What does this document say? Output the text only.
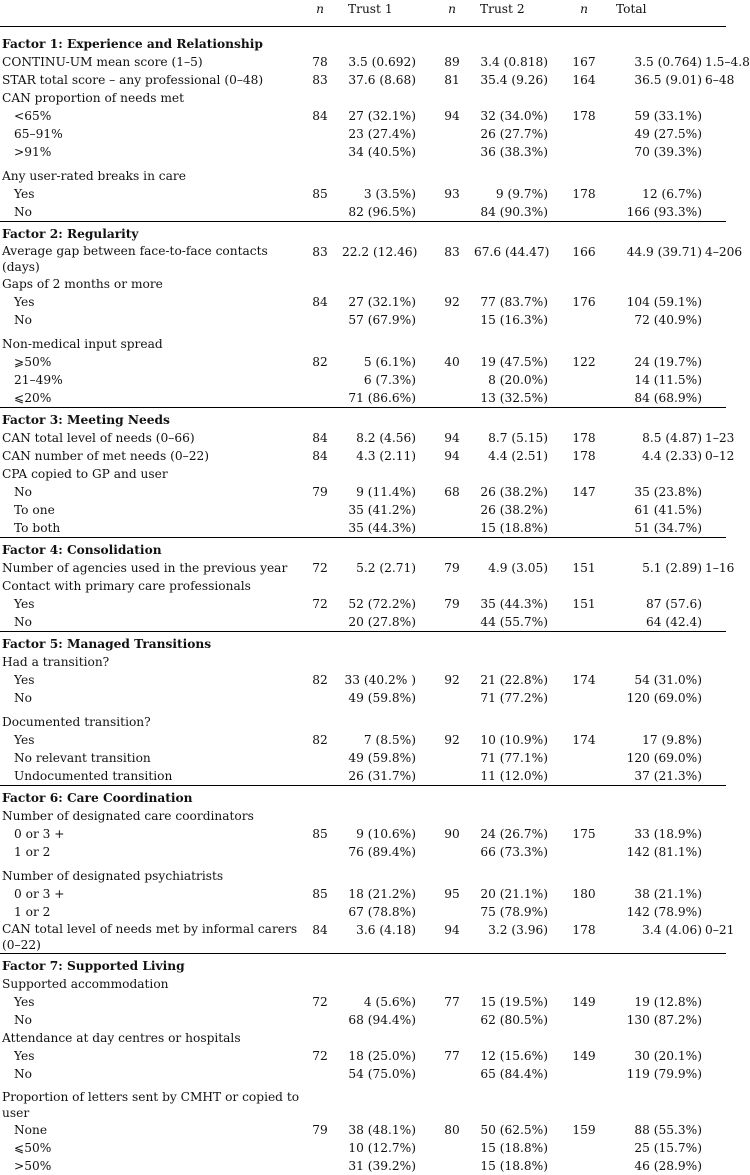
	n	Trust 1	n	Trust 2	n	Total
Factor 1: Experience and Relationship						
CONTINU-UM mean score (1–5)	78	3.5 (0.692)	89	3.4 (0.818)	167	3.5 (0.764) 1.5–4.8
STAR total score – any professional (0–48)	83	37.6 (8.68)	81	35.4 (9.26)	164	36.5 (9.01) 6–48
CAN proportion of needs met						
<65%	84	27 (32.1%)	94	32 (34.0%)	178	59 (33.1%)
65–91%		23 (27.4%)		26 (27.7%)		49 (27.5%)
>91%		34 (40.5%)		36 (38.3%)		70 (39.3%)
Any user-rated breaks in care						
Yes	85	3 (3.5%)	93	9 (9.7%)	178	12 (6.7%)
No		82 (96.5%)		84 (90.3%)		166 (93.3%)
Factor 2: Regularity						
Average gap between face-to-face contacts (days)	83	22.2 (12.46)	83	67.6 (44.47)	166	44.9 (39.71) 4–206
Gaps of 2 months or more						
Yes	84	27 (32.1%)	92	77 (83.7%)	176	104 (59.1%)
No		57 (67.9%)		15 (16.3%)		72 (40.9%)
Non-medical input spread						
⩾50%	82	5 (6.1%)	40	19 (47.5%)	122	24 (19.7%)
21–49%		6 (7.3%)		8 (20.0%)		14 (11.5%)
⩽20%		71 (86.6%)		13 (32.5%)		84 (68.9%)
Factor 3: Meeting Needs						
CAN total level of needs (0–66)	84	8.2 (4.56)	94	8.7 (5.15)	178	8.5 (4.87) 1–23
CAN number of met needs (0–22)	84	4.3 (2.11)	94	4.4 (2.51)	178	4.4 (2.33) 0–12
CPA copied to GP and user						
No	79	9 (11.4%)	68	26 (38.2%)	147	35 (23.8%)
To one		35 (41.2%)		26 (38.2%)		61 (41.5%)
To both		35 (44.3%)		15 (18.8%)		51 (34.7%)
Factor 4: Consolidation						
Number of agencies used in the previous year	72	5.2 (2.71)	79	4.9 (3.05)	151	5.1 (2.89) 1–16
Contact with primary care professionals						
Yes	72	52 (72.2%)	79	35 (44.3%)	151	87 (57.6)
No		20 (27.8%)		44 (55.7%)		64 (42.4)
Factor 5: Managed Transitions						
Had a transition?						
Yes	82	33 (40.2% )	92	21 (22.8%)	174	54 (31.0%)
No		49 (59.8%)		71 (77.2%)		120 (69.0%)
Documented transition?						
Yes	82	7 (8.5%)	92	10 (10.9%)	174	17 (9.8%)
No relevant transition		49 (59.8%)		71 (77.1%)		120 (69.0%)
Undocumented transition		26 (31.7%)		11 (12.0%)		37 (21.3%)
Factor 6: Care Coordination						
Number of designated care coordinators						
0 or 3 +	85	9 (10.6%)	90	24 (26.7%)	175	33 (18.9%)
1 or 2		76 (89.4%)		66 (73.3%)		142 (81.1%)
Number of designated psychiatrists						
0 or 3 +	85	18 (21.2%)	95	20 (21.1%)	180	38 (21.1%)
1 or 2		67 (78.8%)		75 (78.9%)		142 (78.9%)
CAN total level of needs met by informal carers (0–22)	84	3.6 (4.18)	94	3.2 (3.96)	178	3.4 (4.06) 0–21
Factor 7: Supported Living						
Supported accommodation						
Yes	72	4 (5.6%)	77	15 (19.5%)	149	19 (12.8%)
No		68 (94.4%)		62 (80.5%)		130 (87.2%)
Attendance at day centres or hospitals						
Yes	72	18 (25.0%)	77	12 (15.6%)	149	30 (20.1%)
No		54 (75.0%)		65 (84.4%)		119 (79.9%)
Proportion of letters sent by CMHT or copied to user						
None	79	38 (48.1%)	80	50 (62.5%)	159	88 (55.3%)
⩽50%		10 (12.7%)		15 (18.8%)		25 (15.7%)
>50%		31 (39.2%)		15 (18.8%)		46 (28.9%)
